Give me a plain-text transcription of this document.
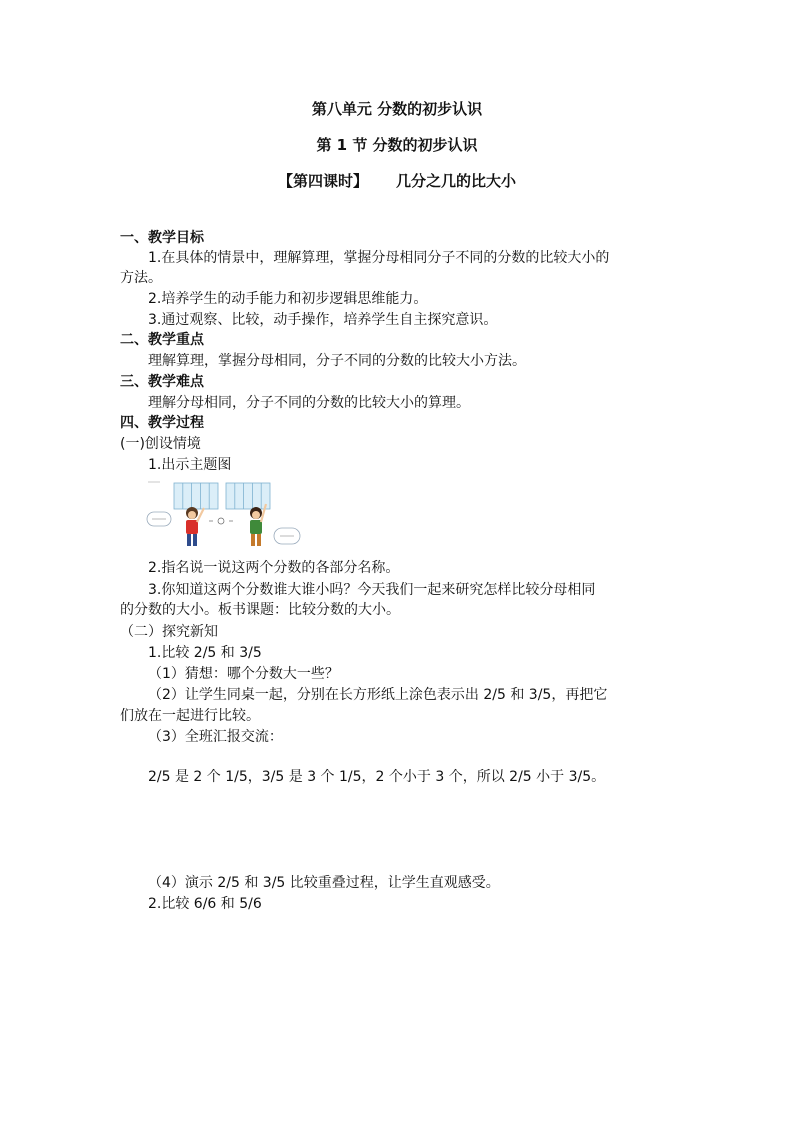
第八单元 分数的初步认识
第 1 节 分数的初步认识
【第四课时】 几分之几的比大小
一、教学目标
1.在具体的情景中，理解算理，掌握分母相同分子不同的分数的比较大小的
方法。
2.培养学生的动手能力和初步逻辑思维能力。
3.通过观察、比较，动手操作，培养学生自主探究意识。
二、教学重点
理解算理，掌握分母相同，分子不同的分数的比较大小方法。
三、教学难点
理解分母相同，分子不同的分数的比较大小的算理。
四、教学过程
(一)创设情境
1.出示主题图
2.指名说一说这两个分数的各部分名称。
3.你知道这两个分数谁大谁小吗？今天我们一起来研究怎样比较分母相同
的分数的大小。板书课题：比较分数的大小。
（二）探究新知
1.比较 2/5 和 3/5
（1）猜想：哪个分数大一些？
（2）让学生同桌一起，分别在长方形纸上涂色表示出 2/5 和 3/5，再把它
们放在一起进行比较。
（3）全班汇报交流：
2/5 是 2 个 1/5，3/5 是 3 个 1/5，2 个小于 3 个，所以 2/5 小于 3/5。
（4）演示 2/5 和 3/5 比较重叠过程，让学生直观感受。
2.比较 6/6 和 5/6
